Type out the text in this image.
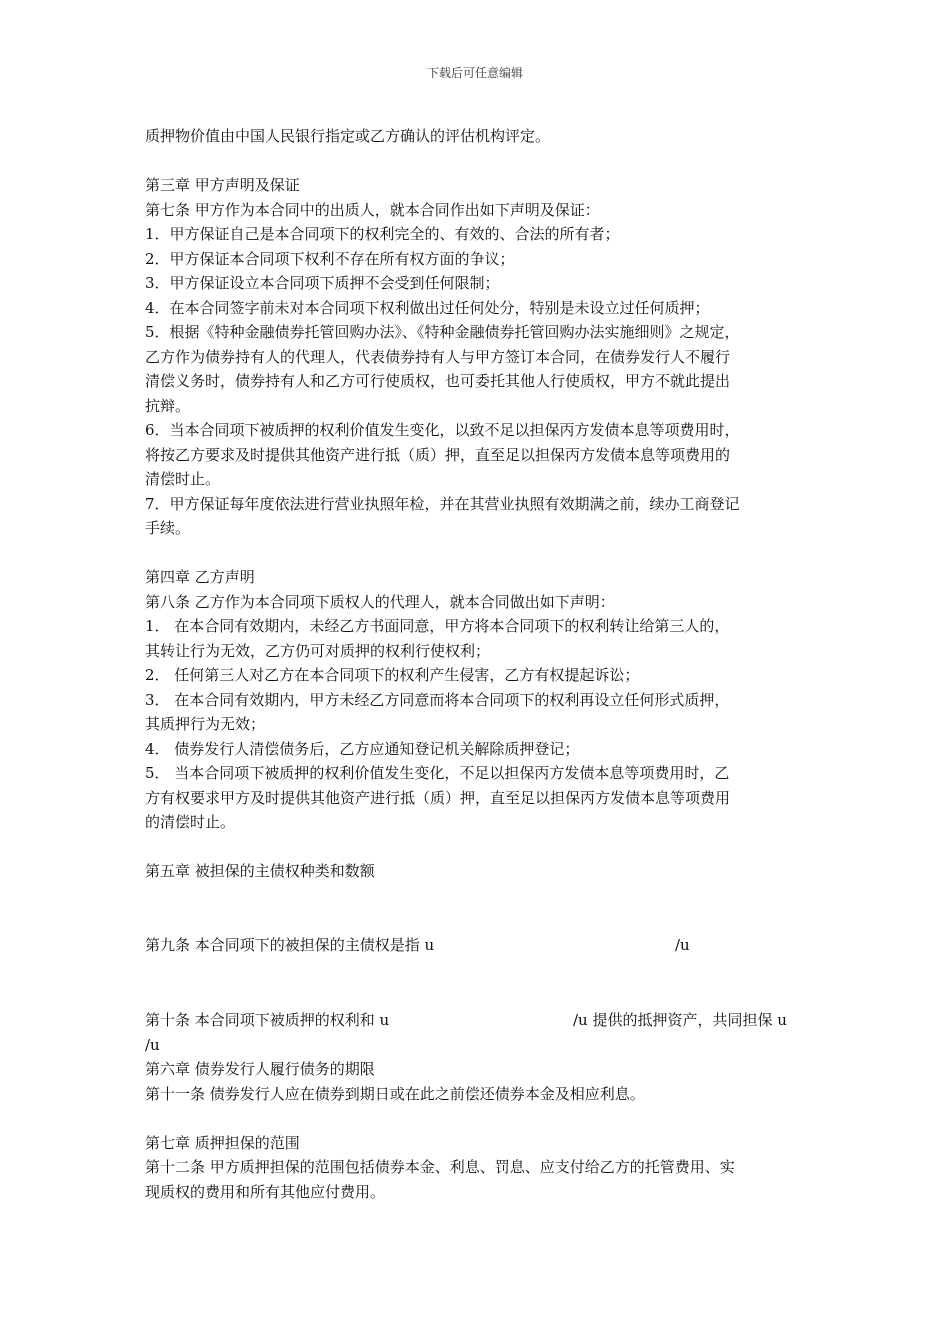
下载后可任意编辑
质押物价值由中国人民银行指定或乙方确认的评估机构评定。
第三章 甲方声明及保证
第七条 甲方作为本合同中的出质人，就本合同作出如下声明及保证：
1．甲方保证自己是本合同项下的权利完全的、有效的、合法的所有者；
2．甲方保证本合同项下权利不存在所有权方面的争议；
3．甲方保证设立本合同项下质押不会受到任何限制；
4．在本合同签字前未对本合同项下权利做出过任何处分，特别是未设立过任何质押；
5．根据《特种金融债券托管回购办法》、《特种金融债券托管回购办法实施细则》之规定，
乙方作为债券持有人的代理人，代表债券持有人与甲方签订本合同，在债券发行人不履行
清偿义务时，债券持有人和乙方可行使质权，也可委托其他人行使质权，甲方不就此提出
抗辩。
6．当本合同项下被质押的权利价值发生变化，以致不足以担保丙方发债本息等项费用时，
将按乙方要求及时提供其他资产进行抵（质）押，直至足以担保丙方发债本息等项费用的
清偿时止。
7．甲方保证每年度依法进行营业执照年检，并在其营业执照有效期满之前，续办工商登记
手续。
第四章 乙方声明
第八条 乙方作为本合同项下质权人的代理人，就本合同做出如下声明：
1． 在本合同有效期内，未经乙方书面同意，甲方将本合同项下的权利转让给第三人的，
其转让行为无效，乙方仍可对质押的权利行使权利；
2． 任何第三人对乙方在本合同项下的权利产生侵害，乙方有权提起诉讼；
3． 在本合同有效期内，甲方未经乙方同意而将本合同项下的权利再设立任何形式质押，
其质押行为无效；
4． 债券发行人清偿债务后，乙方应通知登记机关解除质押登记；
5． 当本合同项下被质押的权利价值发生变化，不足以担保丙方发债本息等项费用时，乙
方有权要求甲方及时提供其他资产进行抵（质）押，直至足以担保丙方发债本息等项费用
的清偿时止。
第五章 被担保的主债权种类和数额
第九条 本合同项下的被担保的主债权是指 u	/u
第十条 本合同项下被质押的权利和 u	/u 提供的抵押资产，共同担保 u
/u
第六章 债券发行人履行债务的期限
第十一条 债券发行人应在债券到期日或在此之前偿还债券本金及相应利息。
第七章 质押担保的范围
第十二条 甲方质押担保的范围包括债券本金、利息、罚息、应支付给乙方的托管费用、实
现质权的费用和所有其他应付费用。
